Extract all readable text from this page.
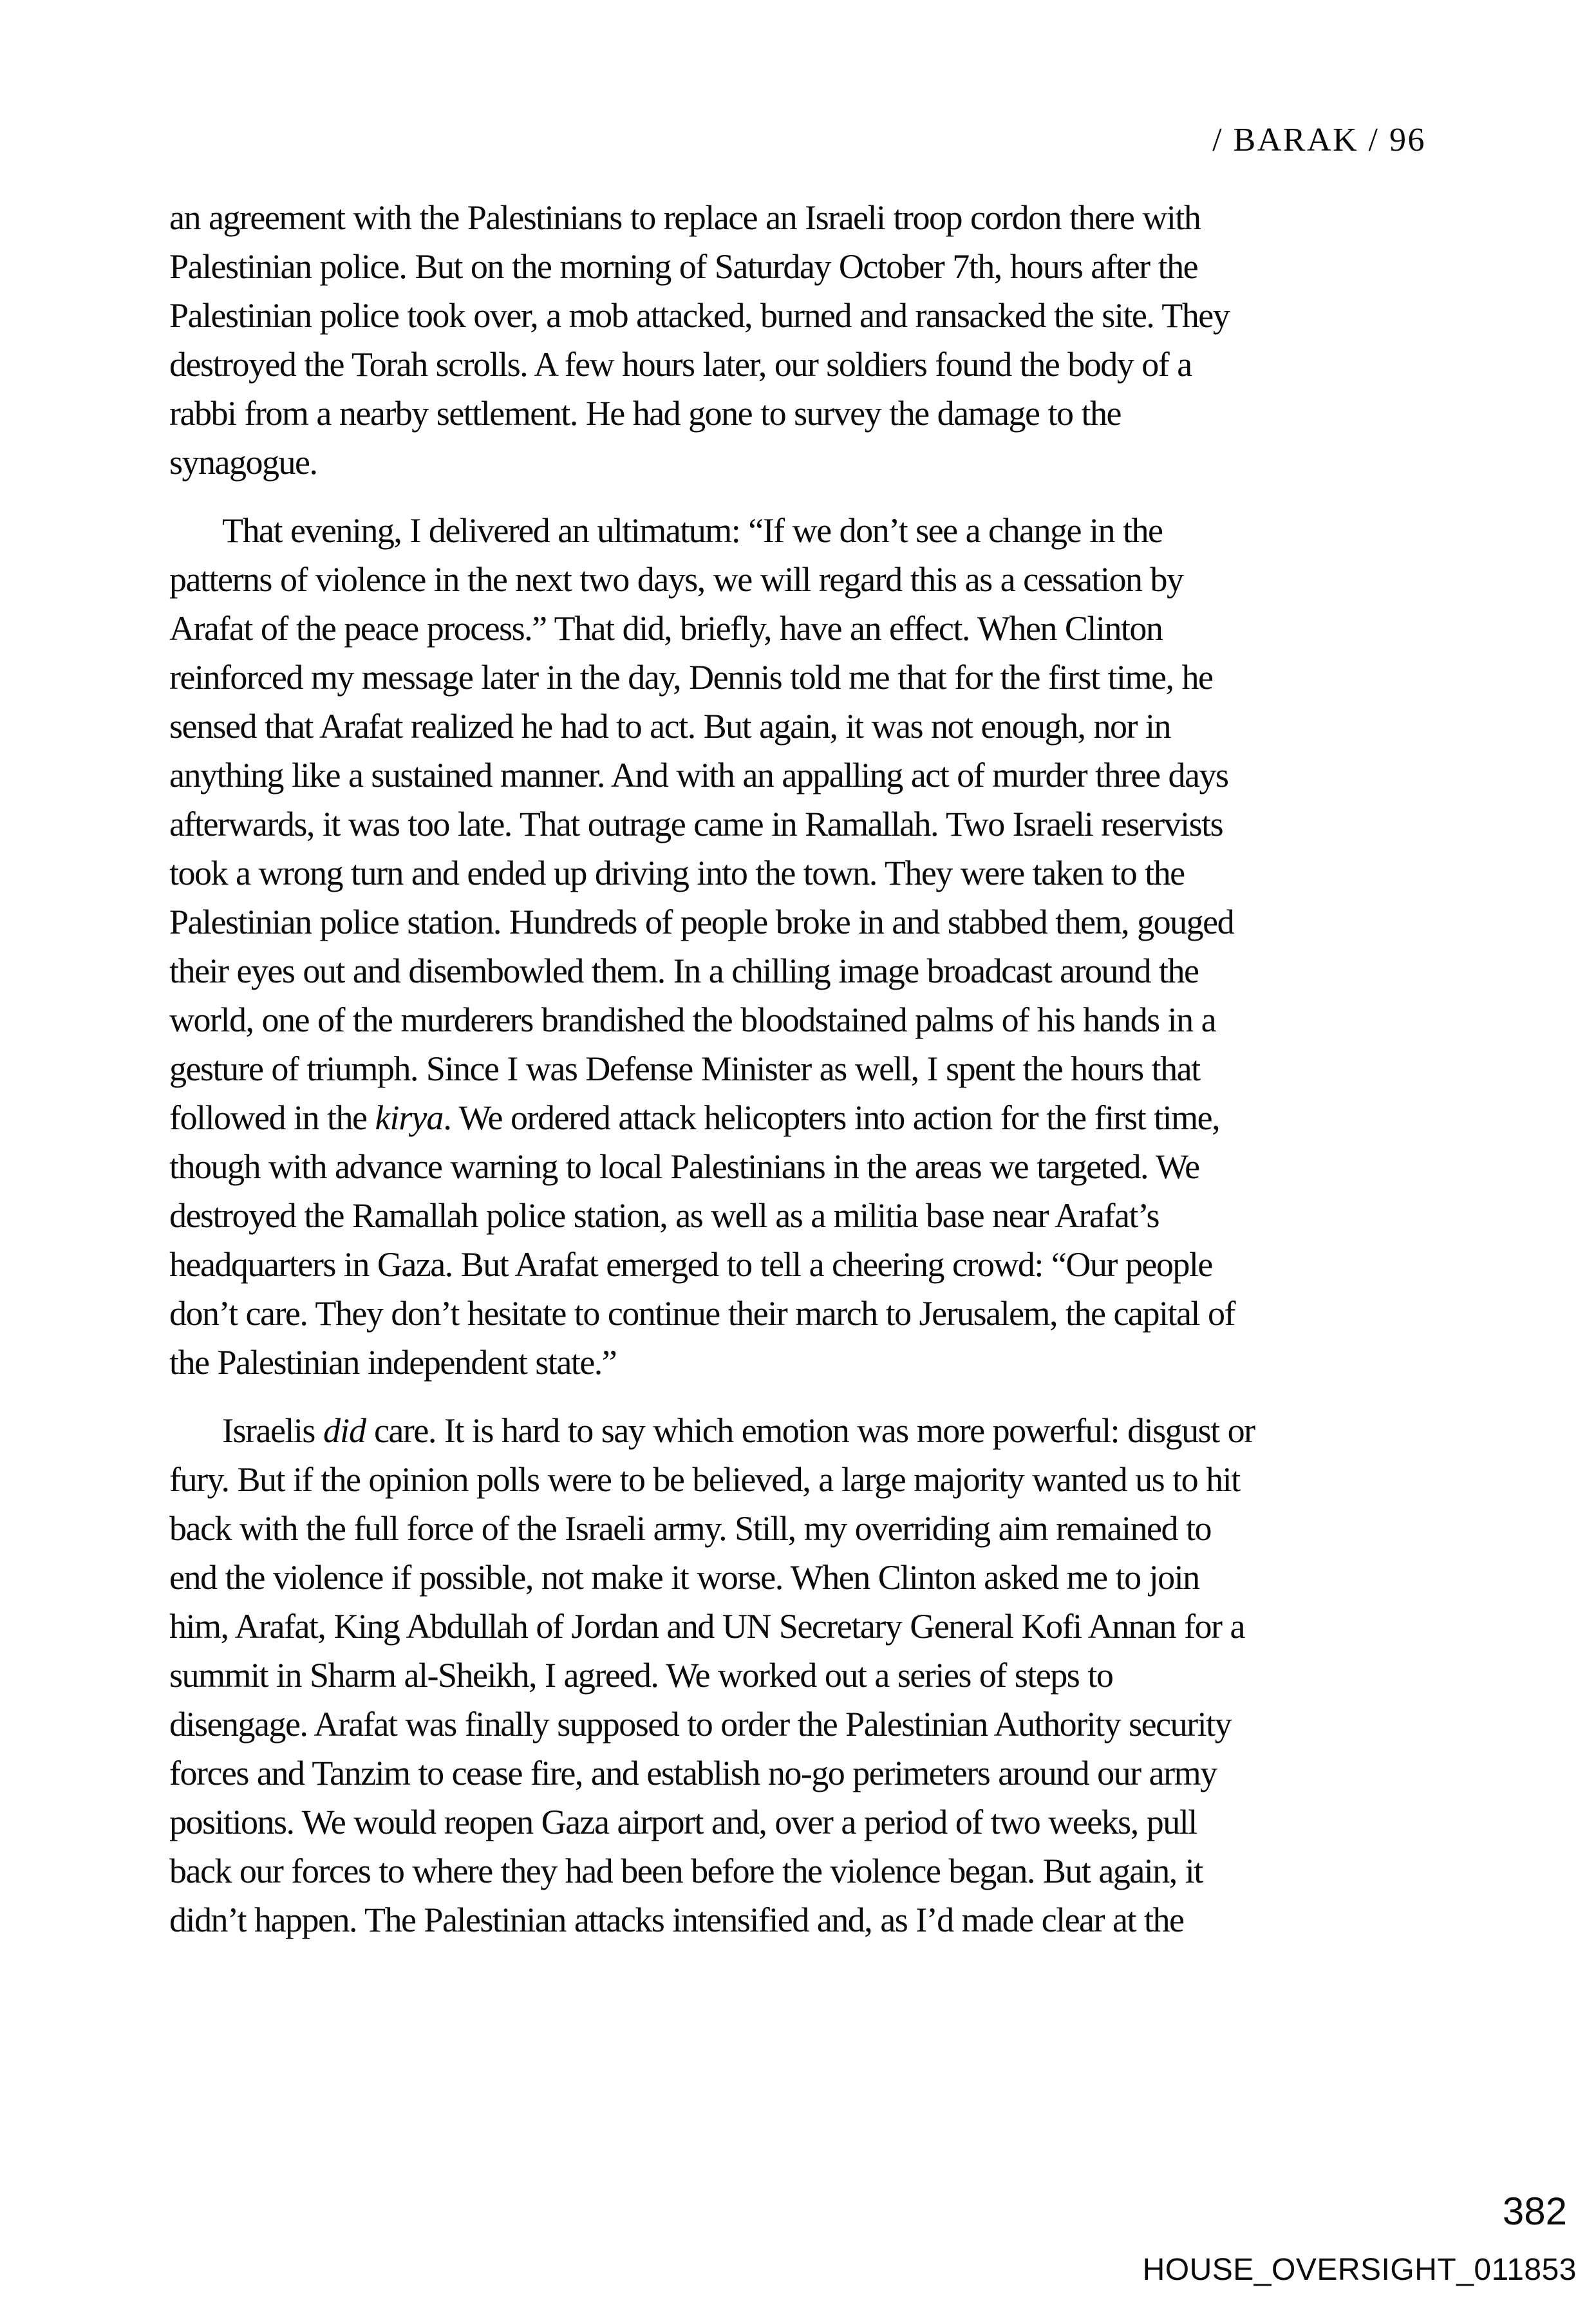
/ BARAK / 96

an agreement with the Palestinians to replace an Israeli troop cordon there with
Palestinian police. But on the morning of Saturday October 7th, hours after the
Palestinian police took over, a mob attacked, burned and ransacked the site. They
destroyed the Torah scrolls. A few hours later, our soldiers found the body of a
rabbi from a nearby settlement. He had gone to survey the damage to the
synagogue.

That evening, I delivered an ultimatum: “If we don’t see a change in the
patterns of violence in the next two days, we will regard this as a cessation by
Arafat of the peace process.” That did, briefly, have an effect. When Clinton
reinforced my message later in the day, Dennis told me that for the first time, he
sensed that Arafat realized he had to act. But again, it was not enough, nor in
anything like a sustained manner. And with an appalling act of murder three days
afterwards, it was too late. That outrage came in Ramallah. Two Israeli reservists
took a wrong turn and ended up driving into the town. They were taken to the
Palestinian police station. Hundreds of people broke in and stabbed them, gouged
their eyes out and disembowled them. In a chilling image broadcast around the
world, one of the murderers brandished the bloodstained palms of his hands in a
gesture of triumph. Since I was Defense Minister as well, I spent the hours that
followed in the kirya. We ordered attack helicopters into action for the first time,
though with advance warning to local Palestinians in the areas we targeted. We
destroyed the Ramallah police station, as well as a militia base near Arafat’s
headquarters in Gaza. But Arafat emerged to tell a cheering crowd: “Our people
don’t care. They don’t hesitate to continue their march to Jerusalem, the capital of
the Palestinian independent state.”

Israelis did care. It is hard to say which emotion was more powerful: disgust or
fury. But if the opinion polls were to be believed, a large majority wanted us to hit
back with the full force of the Israeli army. Still, my overriding aim remained to
end the violence if possible, not make it worse. When Clinton asked me to join
him, Arafat, King Abdullah of Jordan and UN Secretary General Kofi Annan for a
summit in Sharm al-Sheikh, I agreed. We worked out a series of steps to
disengage. Arafat was finally supposed to order the Palestinian Authority security
forces and Tanzim to cease fire, and establish no-go perimeters around our army
positions. We would reopen Gaza airport and, over a period of two weeks, pull
back our forces to where they had been before the violence began. But again, it
didn’t happen. The Palestinian attacks intensified and, as I’d made clear at the

382
HOUSE_OVERSIGHT_011853
